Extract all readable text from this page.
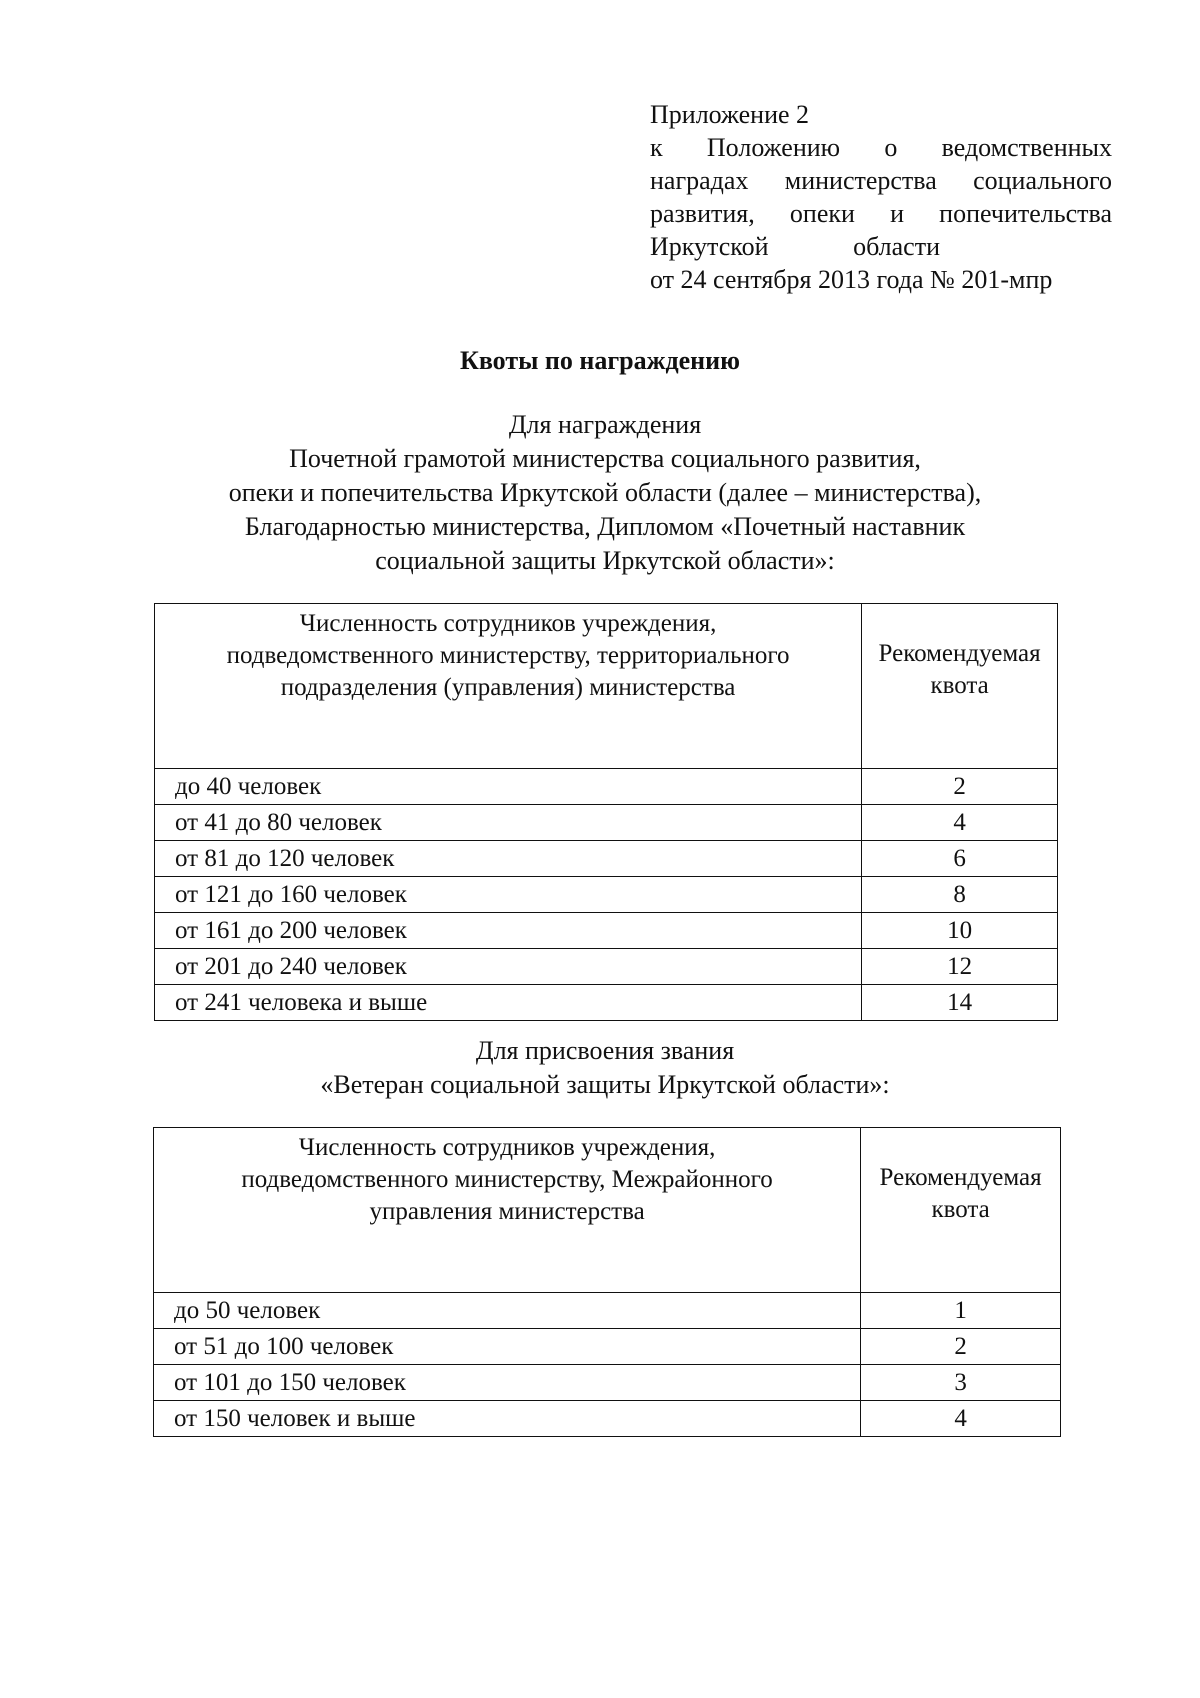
Приложение 2
к Положению о ведомственных
наградах министерства социального
развития, опеки и попечительства
Иркутской	области
от 24 сентября 2013 года № 201-мпр
Квоты по награждению
Для награждения
Почетной грамотой министерства социального развития,
опеки и попечительства Иркутской области (далее – министерства),
Благодарностью министерства, Дипломом «Почетный наставник
социальной защиты Иркутской области»:
Численность сотрудников учреждения,
подведомственного министерству, территориального
подразделения (управления) министерства	Рекомендуемая
квота

до 40 человек	2
от 41 до 80 человек	4
от 81 до 120 человек	6
от 121 до 160 человек	8
от 161 до 200 человек	10
от 201 до 240 человек	12
от 241 человека и выше	14
Для присвоения звания
«Ветеран социальной защиты Иркутской области»:
Численность сотрудников учреждения,
подведомственного министерству, Межрайонного
управления министерства	Рекомендуемая
квота

до 50 человек	1
от 51 до 100 человек	2
от 101 до 150 человек	3
от 150 человек и выше	4
